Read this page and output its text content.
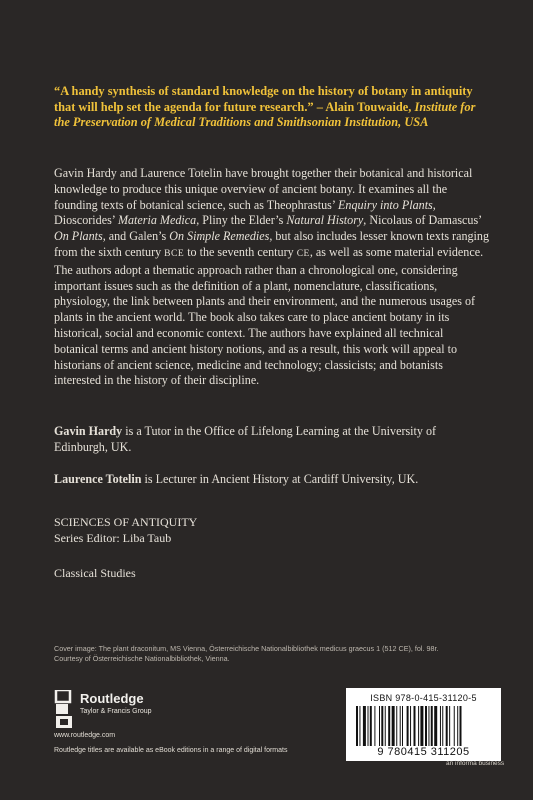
“A handy synthesis of standard knowledge on the history of botany in antiquity that will help set the agenda for future research.” – Alain Touwaide, Institute for the Preservation of Medical Traditions and Smithsonian Institution, USA
Gavin Hardy and Laurence Totelin have brought together their botanical and historical knowledge to produce this unique overview of ancient botany. It examines all the founding texts of botanical science, such as Theophrastus’ Enquiry into Plants, Dioscorides’ Materia Medica, Pliny the Elder’s Natural History, Nicolaus of Damascus’ On Plants, and Galen’s On Simple Remedies, but also includes lesser known texts ranging from the sixth century BCE to the seventh century CE, as well as some material evidence. The authors adopt a thematic approach rather than a chronological one, considering important issues such as the definition of a plant, nomenclature, classifications, physiology, the link between plants and their environment, and the numerous usages of plants in the ancient world. The book also takes care to place ancient botany in its historical, social and economic context. The authors have explained all technical botanical terms and ancient history notions, and as a result, this work will appeal to historians of ancient science, medicine and technology; classicists; and botanists interested in the history of their discipline.
Gavin Hardy is a Tutor in the Office of Lifelong Learning at the University of Edinburgh, UK.
Laurence Totelin is Lecturer in Ancient History at Cardiff University, UK.
SCIENCES OF ANTIQUITY
Series Editor: Liba Taub
Classical Studies
Cover image: The plant draconitum, MS Vienna, Österreichische Nationalbibliothek medicus graecus 1 (512 CE), fol. 98r.
Courtesy of Österreichische Nationalbibliothek, Vienna.
Routledge
Taylor & Francis Group
www.routledge.com
Routledge titles are available as eBook editions in a range of digital formats
ISBN 978-0-415-31120-5
9 780415 311205
an informa business
